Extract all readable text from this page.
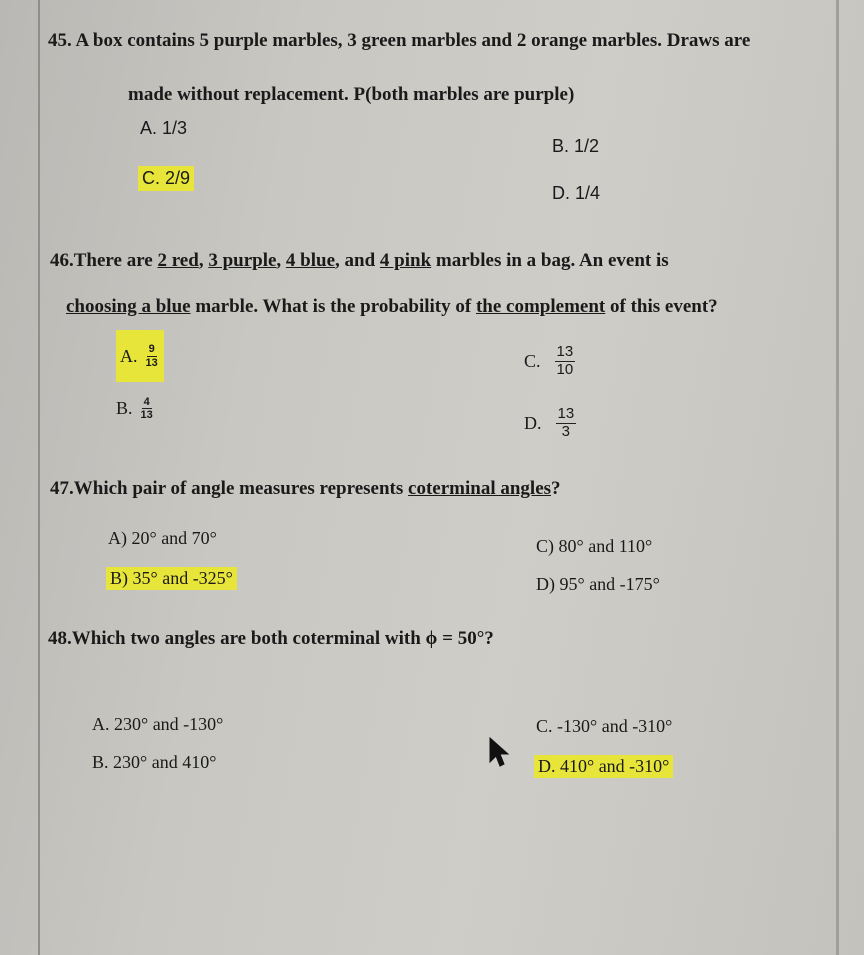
45. A box contains 5 purple marbles, 3 green marbles and 2 orange marbles. Draws are
made without replacement. P(both marbles are purple)
A. 1/3
B. 1/2
C. 2/9
D. 1/4
46.There are 2 red, 3 purple, 4 blue, and 4 pink marbles in a bag. An event is
choosing a blue marble. What is the probability of the complement of this event?
A. $\frac{9}{13}$
B. $\frac{4}{13}$
C. $\frac{13}{10}$
D. $\frac{13}{3}$
47.Which pair of angle measures represents coterminal angles?
A) 20° and 70°
B) 35° and -325°
C) 80° and 110°
D) 95° and -175°
48.Which two angles are both coterminal with ϕ = 50°?
A. 230° and -130°
B. 230° and 410°
C. -130° and -310°
D. 410° and -310°
